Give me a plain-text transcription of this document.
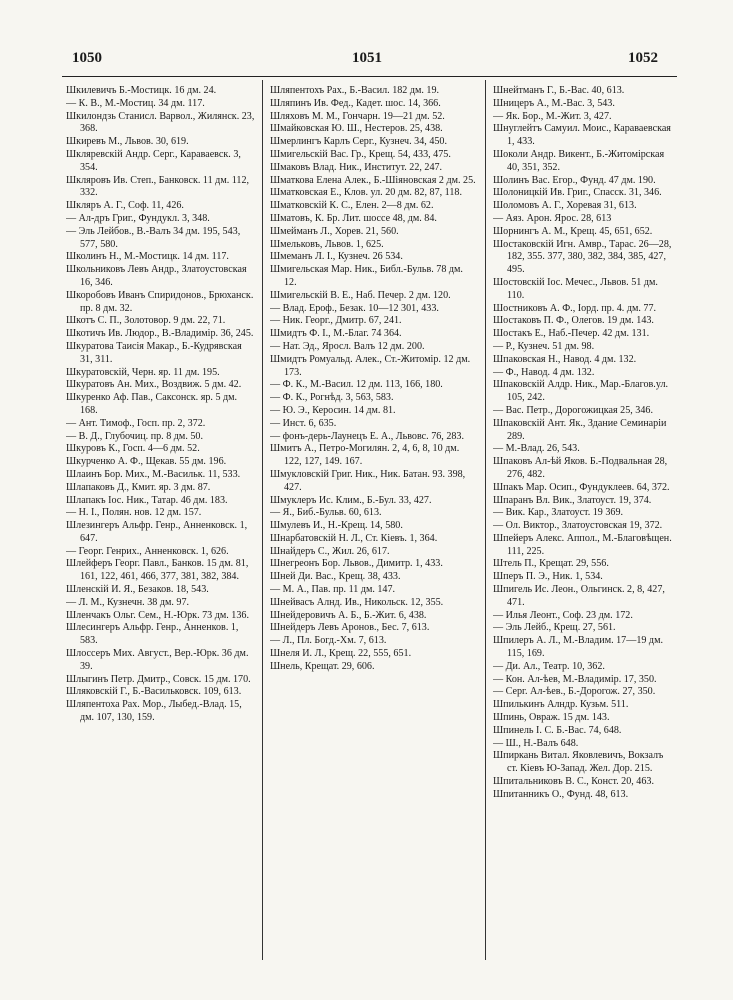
1050	1051	1052
Шкилевичъ Б.-Мостицк. 16 дм. 24.
— К. В., М.-Мостиц. 34 дм. 117.
Шкилондзь Станисл. Варвол., Жилянск. 23, 368.
Шкиревъ М., Львов. 30, 619.
Шкляревскій Андр. Серг., Караваевск. 3, 354.
Шкляровъ Ив. Степ., Банковск. 11 дм. 112, 332.
Шкляръ А. Г., Соф. 11, 426.
— Ал-дръ Григ., Фундукл. 3, 348.
— Эль Лейбов., В.-Валъ 34 дм. 195, 543, 577, 580.
Школинъ Н., М.-Мостицк. 14 дм. 117.
Школьниковъ Левъ Андр., Златоустовская 16, 346.
Шкоробовъ Иванъ Спиридонов., Брюханск. пр. 8 дм. 32.
Шкотъ С. П., Золотовор. 9 дм. 22, 71.
Шкотичъ Ив. Людор., В.-Владимір. 36, 245.
Шкуратова Таисія Макар., Б.-Кудрявская 31, 311.
Шкуратовскій, Черн. яр. 11 дм. 195.
Шкуратовъ Ан. Мих., Воздвиж. 5 дм. 42.
Шкуренко Аф. Пав., Саксонск. яр. 5 дм. 168.
— Ант. Тимоф., Госп. пр. 2, 372.
— В. Д., Глубочиц. пр. 8 дм. 50.
Шкуровъ К., Госп. 4—6 дм. 52.
Шкурченко А. Ф., Щекав. 55 дм. 196.
Шлаинъ Бор. Мих., М.-Васильк. 11, 533.
Шлапаковъ Д., Кмит. яр. 3 дм. 87.
Шлапакъ Іос. Ник., Татар. 46 дм. 183.
— Н. І., Полян. нов. 12 дм. 157.
Шлезингеръ Альфр. Генр., Анненковск. 1, 647.
— Георг. Генрих., Анненковск. 1, 626.
Шлейферъ Георг. Павл., Банков. 15 дм. 81, 161, 122, 461, 466, 377, 381, 382, 384.
Шленскій И. Я., Безаков. 18, 543.
— Л. М., Кузнечн. 38 дм. 97.
Шленчакъ Ольг. Сем., Н.-Юрк. 73 дм. 136.
Шлесингеръ Альфр. Генр., Анненков. 1, 583.
Шлоссеръ Мих. Август., Вер.-Юрк. 36 дм. 39.
Шлыгинъ Петр. Дмитр., Совск. 15 дм. 170.
Шляковскій Г., Б.-Васильковск. 109, 613.
Шляпентоха Рах. Мор., Лыбед.-Влад. 15, дм. 107, 130, 159.
Шляпентохъ Рах., Б.-Васил. 182 дм. 19.
Шляпинъ Ив. Фед., Кадет. шос. 14, 366.
Шляховъ М. М., Гончарн. 19—21 дм. 52.
Шмайковская Ю. Ш., Нестеров. 25, 438.
Шмерлингъ Карлъ Серг., Кузнеч. 34, 450.
Шмигельскій Вас. Гр., Крещ. 54, 433, 475.
Шмаковъ Влад. Ник., Институт. 22, 247.
Шматкова Елена Алек., Б.-Шіяновская 2 дм. 25.
Шматковская Е., Клов. ул. 20 дм. 82, 87, 118.
Шматковскій К. С., Елен. 2—8 дм. 62.
Шматовъ, К. Бр. Лит. шоссе 48, дм. 84.
Шмейманъ Л., Хорев. 21, 560.
Шмельковъ, Львов. 1, 625.
Шмеманъ Л. І., Кузнеч. 26 534.
Шмигельская Мар. Ник., Библ.-Бульв. 78 дм. 12.
Шмигельскій В. Е., Наб. Печер. 2 дм. 120.
— Влад. Ероф., Безак. 10—12 301, 433.
— Ник. Георг., Дмитр. 67, 241.
Шмидтъ Ф. І., М.-Благ. 74 364.
— Нат. Эд., Яросл. Валъ 12 дм. 200.
Шмидтъ Ромуальд. Алек., Ст.-Житомір. 12 дм. 173.
— Ф. К., М.-Васил. 12 дм. 113, 166, 180.
— Ф. К., Рогнѣд. 3, 563, 583.
— Ю. Э., Керосин. 14 дм. 81.
— Инст. 6, 635.
— фонъ-дерь-Лаунецъ Е. А., Львовс. 76, 283.
Шмитъ А., Петро-Могилян. 2, 4, 6, 8, 10 дм. 122, 127, 149. 167.
Шмукловскій Григ. Ник., Ник. Батан. 93. 398, 427.
Шмуклеръ Ис. Клим., Б.-Бул. 33, 427.
— Я., Биб.-Бульв. 60, 613.
Шмулевъ И., Н.-Крещ. 14, 580.
Шнарбатовскій Н. Л., Ст. Кіевъ. 1, 364.
Шнайдеръ С., Жил. 26, 617.
Шнегреонъ Бор. Львов., Димитр. 1, 433.
Шней Ди. Вас., Крещ. 38, 433.
— М. А., Пав. пр. 11 дм. 147.
Шнейвасъ Алнд. Ив., Никольск. 12, 355.
Шнейдеровичъ А. Б., Б.-Жит. 6, 438.
Шнейдеръ Левъ Аронов., Бес. 7, 613.
— Л., Пл. Богд.-Хм. 7, 613.
Шнеля И. Л., Крещ. 22, 555, 651.
Шнель, Крещат. 29, 606.
Шнейтманъ Г., Б.-Вас. 40, 613.
Шницеръ А., М.-Вас. 3, 543.
— Як. Бор., М.-Жит. 3, 427.
Шнуглейтъ Самуил. Моис., Караваевская 1, 433.
Шоколи Андр. Викент., Б.-Житомірская 40, 351, 352.
Шолинъ Вас. Егор., Фунд. 47 дм. 190.
Шолоницкій Ив. Григ., Спасск. 31, 346.
Шоломовъ А. Г., Хоревая 31, 613.
— Аяз. Арон. Ярос. 28, 613
Шорнингъ А. М., Крещ. 45, 651, 652.
Шостаковскій Игн. Амвр., Тарас. 26—28, 182, 355. 377, 380, 382, 384, 385, 427, 495.
Шостовскій Іос. Мечес., Львов. 51 дм. 110.
Шостниковъ А. Ф., Іорд. пр. 4. дм. 77.
Шостаковъ П. Ф., Олегов. 19 дм. 143.
Шостакъ Е., Наб.-Печер. 42 дм. 131.
— Р., Кузнеч. 51 дм. 98.
Шпаковская Н., Навод. 4 дм. 132.
— Ф., Навод. 4 дм. 132.
Шпаковскій Алдр. Ник., Мар.-Благов.ул. 105, 242.
— Вас. Петр., Дорогожицкая 25, 346.
Шпаковскій Ант. Як., Здание Семинаріи 289.
— М.-Влад. 26, 543.
Шпаковъ Ал-ѣй Яков. Б.-Подвальная 28, 276, 482.
Шпакъ Мар. Осип., Фундуклеев. 64, 372.
Шпаранъ Вл. Вик., Златоуст. 19, 374.
— Вик. Кар., Златоуст. 19 369.
— Ол. Виктор., Златоустовская 19, 372.
Шпейеръ Алекс. Аппол., М.-Благовѣщен. 111, 225.
Штель П., Крещат. 29, 556.
Шперъ П. Э., Ник. 1, 534.
Шпигель Ис. Леон., Ольгинск. 2, 8, 427, 471.
— Илья Леонт., Соф. 23 дм. 172.
— Эль Лейб., Крещ. 27, 561.
Шпилеръ А. Л., М.-Владим. 17—19 дм. 115, 169.
— Ди. Ал., Театр. 10, 362.
— Кон. Ал-ѣев, М.-Владимір. 17, 350.
— Серг. Ал-ѣев., Б.-Дорогож. 27, 350.
Шпилькинъ Алндр. Кузьм. 511.
Шпинь, Овраж. 15 дм. 143.
Шпинель І. С. Б.-Вас. 74, 648.
— Ш., Н.-Валъ 648.
Шпиркань Витал. Яковлевичъ, Вокзалъ ст. Кіевъ Ю-Запад. Жел. Дор. 215.
Шпитальниковъ В. С., Конст. 20, 463.
Шпитанникъ О., Фунд. 48, 613.
